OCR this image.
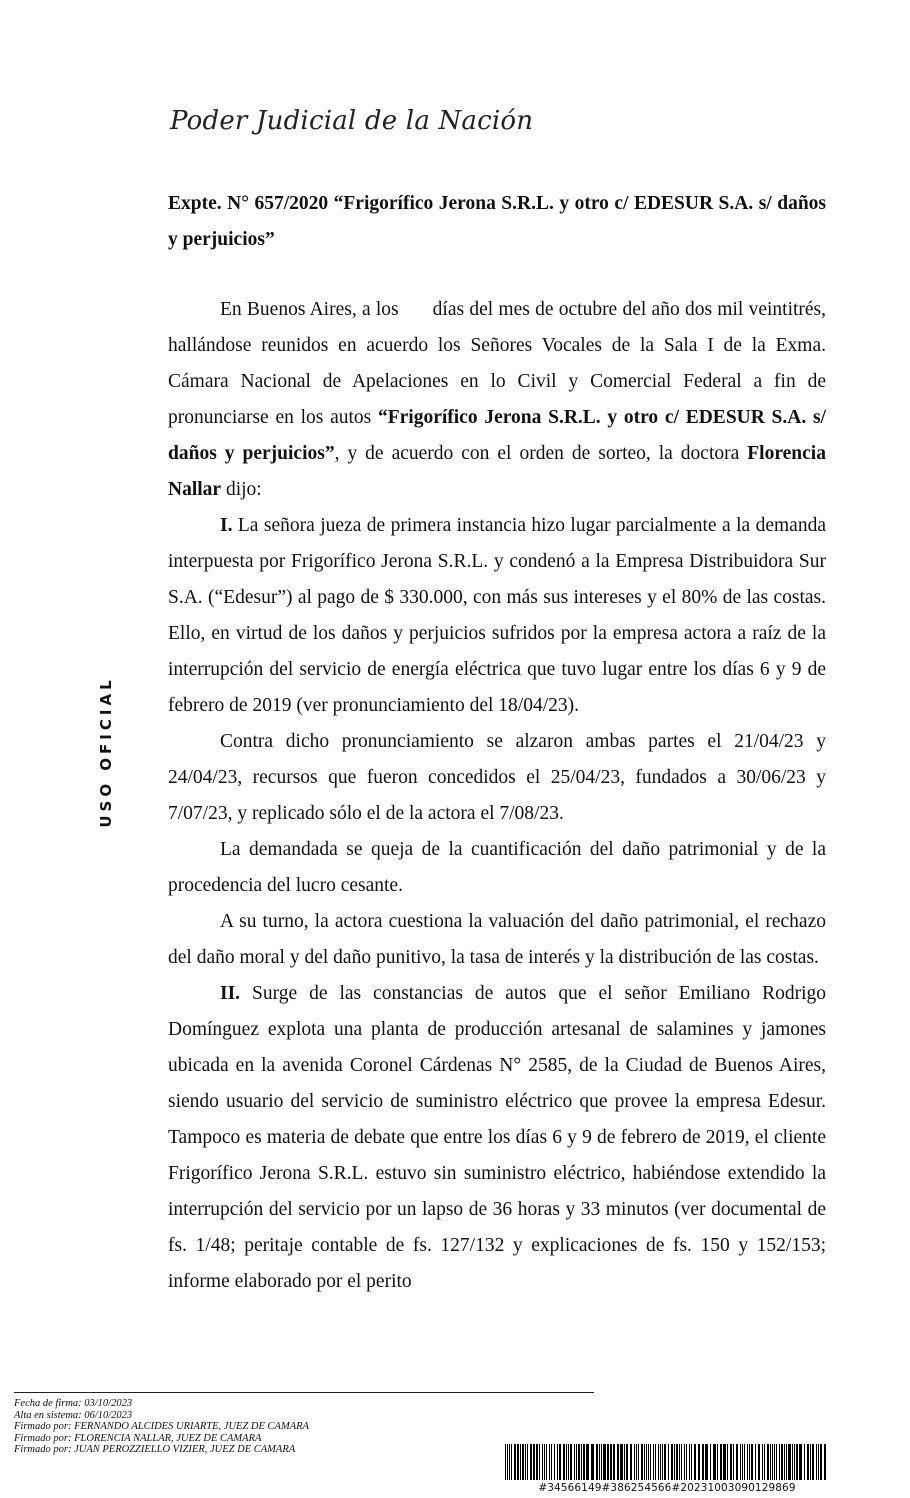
Poder Judicial de la Nación
Expte. N° 657/2020 “Frigorífico Jerona S.R.L. y otro c/ EDESUR S.A. s/ daños y perjuicios”

En Buenos Aires, a los días del mes de octubre del año dos mil veintitrés, hallándose reunidos en acuerdo los Señores Vocales de la Sala I de la Exma. Cámara Nacional de Apelaciones en lo Civil y Comercial Federal a fin de pronunciarse en los autos “Frigorífico Jerona S.R.L. y otro c/ EDESUR S.A. s/ daños y perjuicios”, y de acuerdo con el orden de sorteo, la doctora Florencia Nallar dijo:

I. La señora jueza de primera instancia hizo lugar parcialmente a la demanda interpuesta por Frigorífico Jerona S.R.L. y condenó a la Empresa Distribuidora Sur S.A. (“Edesur”) al pago de $ 330.000, con más sus intereses y el 80% de las costas. Ello, en virtud de los daños y perjuicios sufridos por la empresa actora a raíz de la interrupción del servicio de energía eléctrica que tuvo lugar entre los días 6 y 9 de febrero de 2019 (ver pronunciamiento del 18/04/23).

Contra dicho pronunciamiento se alzaron ambas partes el 21/04/23 y 24/04/23, recursos que fueron concedidos el 25/04/23, fundados a 30/06/23 y 7/07/23, y replicado sólo el de la actora el 7/08/23.

La demandada se queja de la cuantificación del daño patrimonial y de la procedencia del lucro cesante.

A su turno, la actora cuestiona la valuación del daño patrimonial, el rechazo del daño moral y del daño punitivo, la tasa de interés y la distribución de las costas.

II. Surge de las constancias de autos que el señor Emiliano Rodrigo Domínguez explota una planta de producción artesanal de salamines y jamones ubicada en la avenida Coronel Cárdenas N° 2585, de la Ciudad de Buenos Aires, siendo usuario del servicio de suministro eléctrico que provee la empresa Edesur. Tampoco es materia de debate que entre los días 6 y 9 de febrero de 2019, el cliente Frigorífico Jerona S.R.L. estuvo sin suministro eléctrico, habiéndose extendido la interrupción del servicio por un lapso de 36 horas y 33 minutos (ver documental de fs. 1/48; peritaje contable de fs. 127/132 y explicaciones de fs. 150 y 152/153; informe elaborado por el perito

USO OFICIAL
Fecha de firma: 03/10/2023
Alta en sistema: 06/10/2023
Firmado por: FERNANDO ALCIDES URIARTE, JUEZ DE CAMARA
Firmado por: FLORENCIA NALLAR, JUEZ DE CAMARA
Firmado por: JUAN PEROZZIELLO VIZIER, JUEZ DE CAMARA
#34566149#386254566#20231003090129869
